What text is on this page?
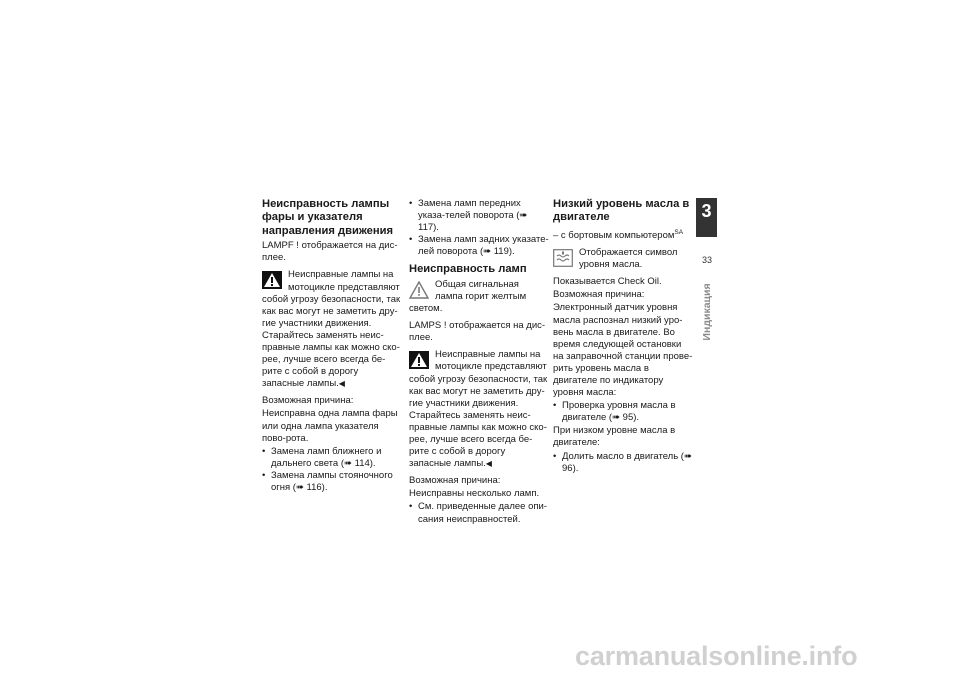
Неисправность лампы фары и указателя направления движения
LAMPF ! отображается на дис-плее.
Неисправные лампы на мотоцикле представляют собой угрозу безопасности, так как вас могут не заметить дру-гие участники движения. Старайтесь заменять неис-правные лампы как можно ско-рее, лучше всего всегда бе-рите с собой в дорогу запасные лампы.◀
Возможная причина:
Неисправна одна лампа фары или одна лампа указателя пово-рота.
• Замена ламп ближнего и дальнего света (➠ 114).
• Замена лампы стояночного огня (➠ 116).
• Замена ламп передних указа-телей поворота (➠ 117).
• Замена ламп задних указате-лей поворота (➠ 119).
Неисправность ламп
Общая сигнальная лампа горит желтым светом.
LAMPS ! отображается на дис-плее.
Неисправные лампы на мотоцикле представляют собой угрозу безопасности, так как вас могут не заметить дру-гие участники движения. Старайтесь заменять неис-правные лампы как можно ско-рее, лучше всего всегда бе-рите с собой в дорогу запасные лампы.◀
Возможная причина:
Неисправны несколько ламп.
• См. приведенные далее опи-сания неисправностей.
Низкий уровень масла в двигателе
– с бортовым компьютером$^{SA}$
Отображается символ уровня масла.
Показывается Check Oil.
Возможная причина:
Электронный датчик уровня масла распознал низкий уро-вень масла в двигателе. Во время следующей остановки на заправочной станции прове-рить уровень масла в двигателе по индикатору уровня масла:
• Проверка уровня масла в двигателе (➠ 95).
При низком уровне масла в двигателе:
• Долить масло в двигатель (➠ 96).
3
33
Индикация
carmanualsonline.info
